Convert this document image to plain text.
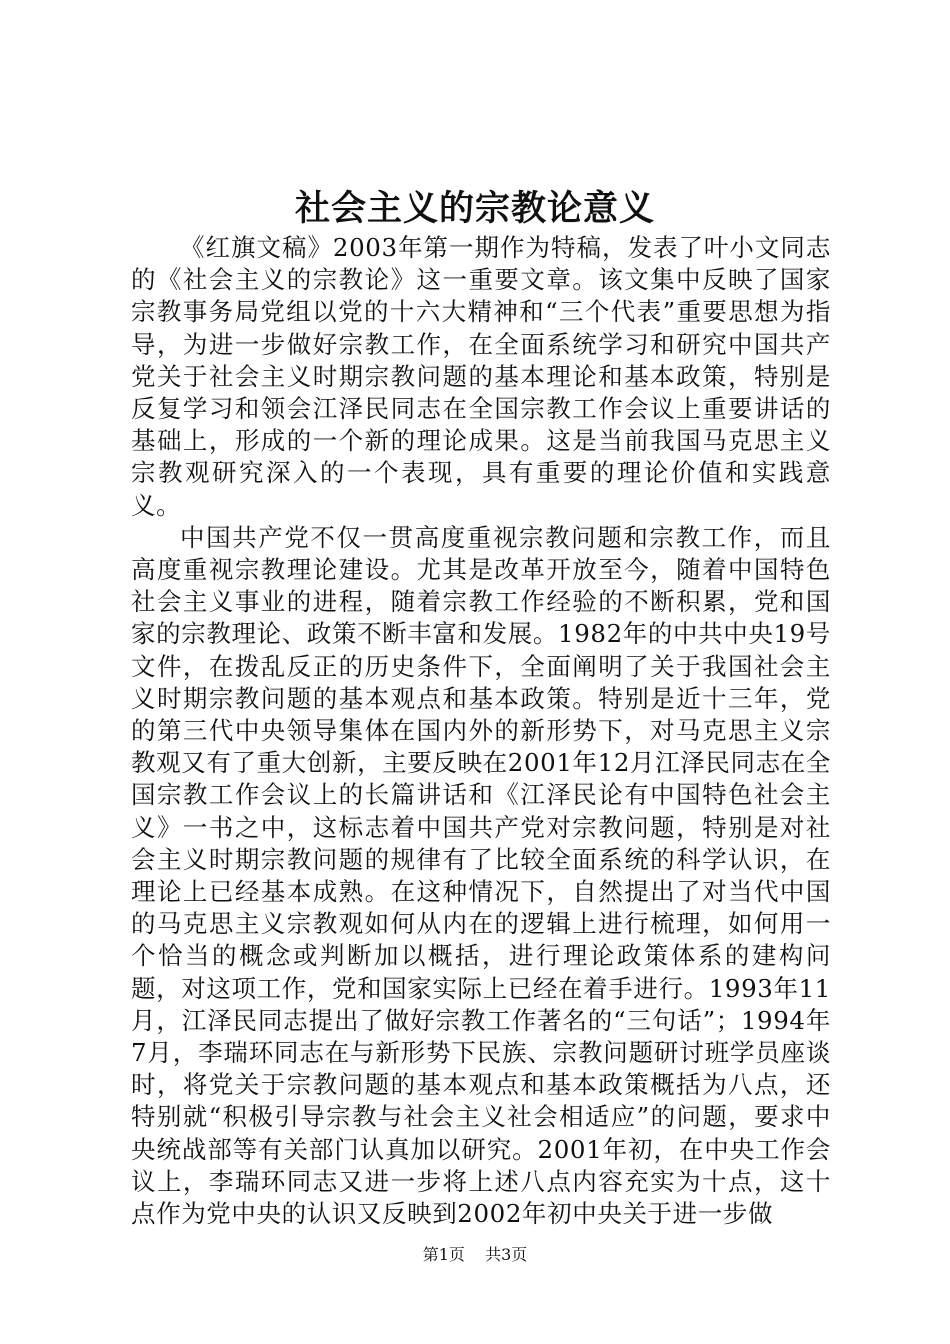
社会主义的宗教论意义

《红旗文稿》2003年第一期作为特稿，发表了叶小文同志的《社会主义的宗教论》这一重要文章。该文集中反映了国家宗教事务局党组以党的十六大精神和“三个代表”重要思想为指导，为进一步做好宗教工作，在全面系统学习和研究中国共产党关于社会主义时期宗教问题的基本理论和基本政策，特别是反复学习和领会江泽民同志在全国宗教工作会议上重要讲话的基础上，形成的一个新的理论成果。这是当前我国马克思主义宗教观研究深入的一个表现，具有重要的理论价值和实践意义。

中国共产党不仅一贯高度重视宗教问题和宗教工作，而且高度重视宗教理论建设。尤其是改革开放至今，随着中国特色社会主义事业的进程，随着宗教工作经验的不断积累，党和国家的宗教理论、政策不断丰富和发展。1982年的中共中央19号文件，在拨乱反正的历史条件下，全面阐明了关于我国社会主义时期宗教问题的基本观点和基本政策。特别是近十三年，党的第三代中央领导集体在国内外的新形势下，对马克思主义宗教观又有了重大创新，主要反映在2001年12月江泽民同志在全国宗教工作会议上的长篇讲话和《江泽民论有中国特色社会主义》一书之中，这标志着中国共产党对宗教问题，特别是对社会主义时期宗教问题的规律有了比较全面系统的科学认识，在理论上已经基本成熟。在这种情况下，自然提出了对当代中国的马克思主义宗教观如何从内在的逻辑上进行梳理，如何用一个恰当的概念或判断加以概括，进行理论政策体系的建构问题，对这项工作，党和国家实际上已经在着手进行。1993年11月，江泽民同志提出了做好宗教工作著名的“三句话”；1994年7月，李瑞环同志在与新形势下民族、宗教问题研讨班学员座谈时，将党关于宗教问题的基本观点和基本政策概括为八点，还特别就“积极引导宗教与社会主义社会相适应”的问题，要求中央统战部等有关部门认真加以研究。2001年初，在中央工作会议上，李瑞环同志又进一步将上述八点内容充实为十点，这十点作为党中央的认识又反映到2002年初中央关于进一步做

第1页 共3页
